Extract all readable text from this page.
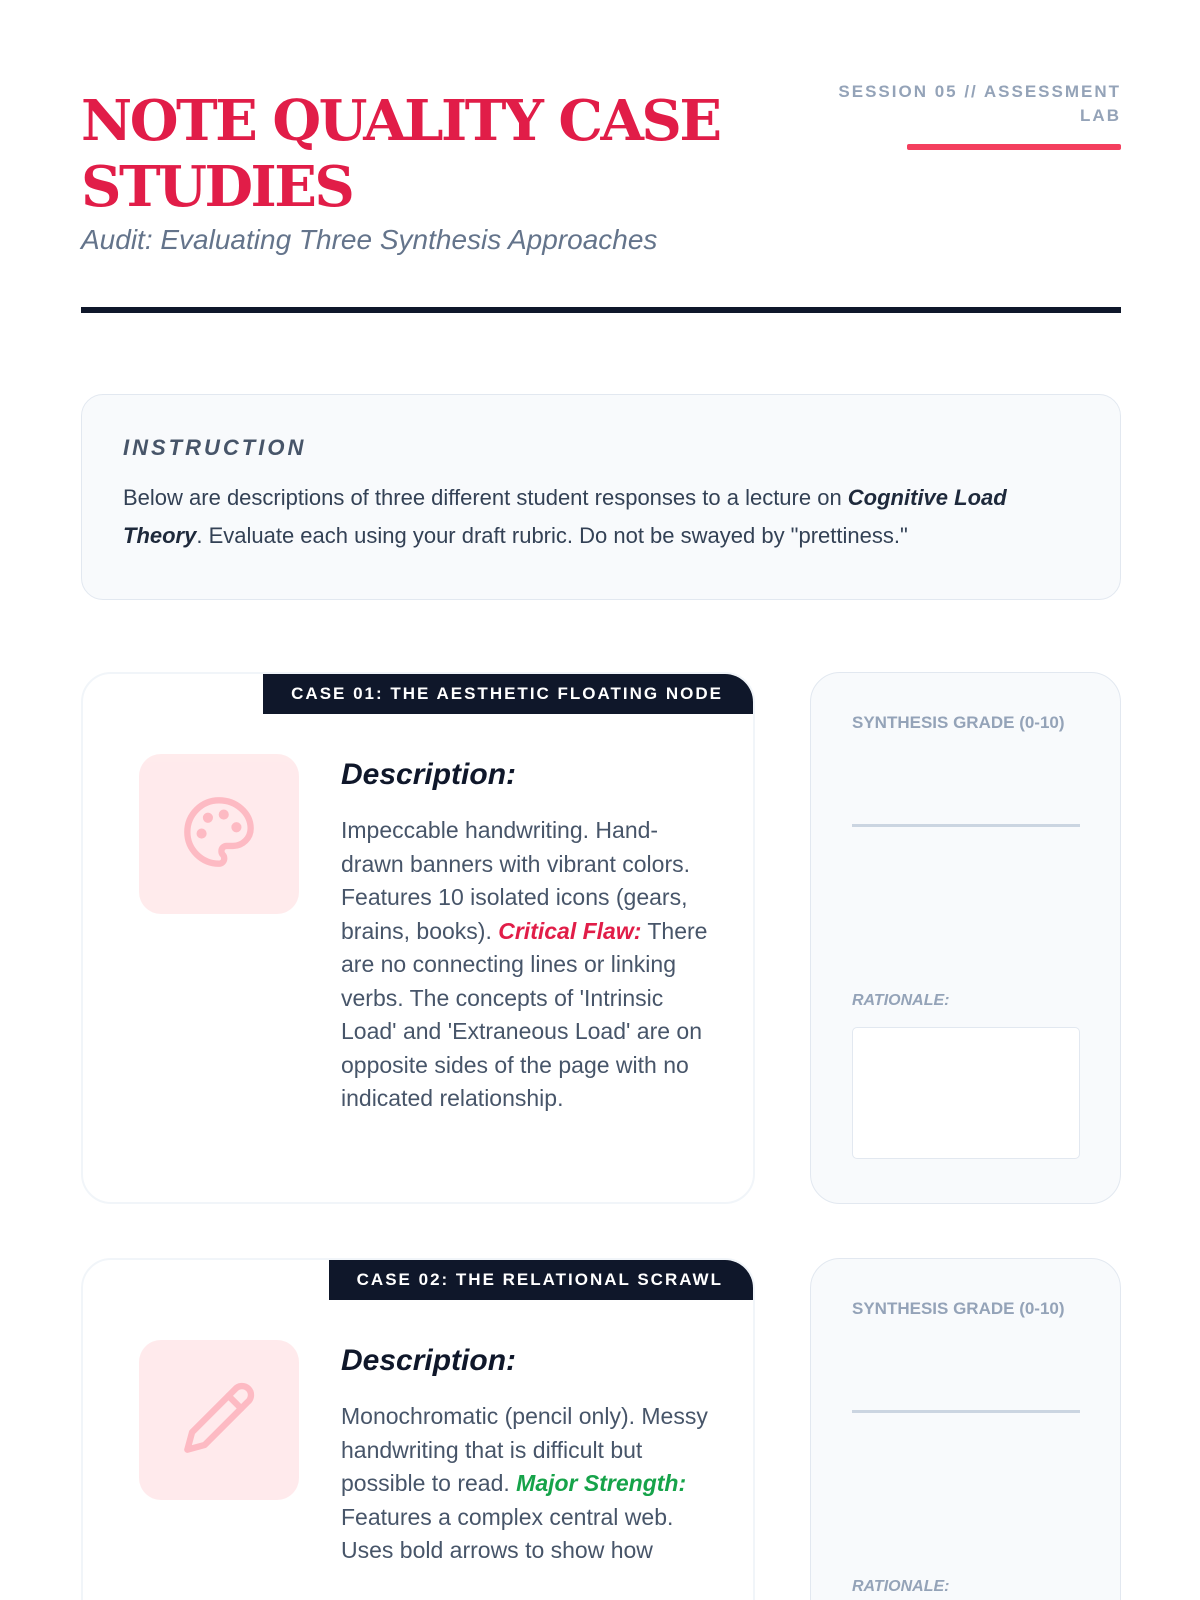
NOTE QUALITY CASE STUDIES
Audit: Evaluating Three Synthesis Approaches
SESSION 05 // ASSESSMENT LAB
INSTRUCTION

Below are descriptions of three different student responses to a lecture on Cognitive Load Theory. Evaluate each using your draft rubric. Do not be swayed by "prettiness."

CASE 01: THE AESTHETIC FLOATING NODE
Description:

Impeccable handwriting. Hand-drawn banners with vibrant colors. Features 10 isolated icons (gears, brains, books). Critical Flaw: There are no connecting lines or linking verbs. The concepts of 'Intrinsic Load' and 'Extraneous Load' are on opposite sides of the page with no indicated relationship.

SYNTHESIS GRADE (0-10)
RATIONALE:
CASE 02: THE RELATIONAL SCRAWL
Description:

Monochromatic (pencil only). Messy handwriting that is difficult but possible to read. Major Strength: Features a complex central web. Uses bold arrows to show how

SYNTHESIS GRADE (0-10)
RATIONALE:
